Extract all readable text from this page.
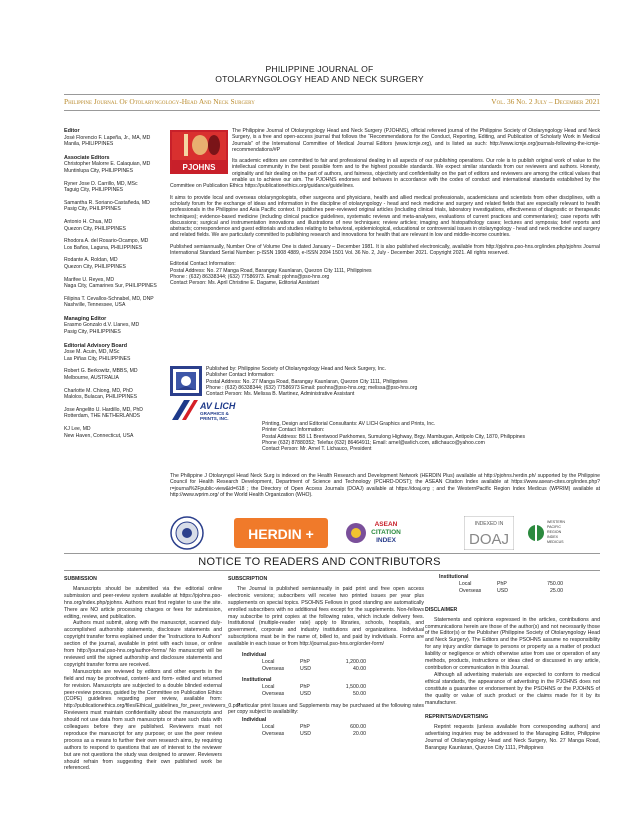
PHILIPPINE JOURNAL OF
OTOLARYNGOLOGY HEAD AND NECK SURGERY
Philippine Journal Of Otolaryngology-Head And Neck Surgery	Vol. 36 No. 2 July – December 2021
Editor
José Florencio F. Lapeña, Jr., MA, MD
Manila, PHILIPPINES
Associate Editors
Christopher Malorre E. Calaquian, MD
Muntinlupa City, PHILIPPINES
Ryner Jose D. Carrillo, MD, MSc
Taguig City, PHILIPPINES
Samantha R. Soriano-Castañeda, MD
Pasig City, PHILIPPINES
Antonio H. Chua, MD
Quezon City, PHILIPPINES
Rhodora A. del Rosario-Ocampo, MD
Los Baños, Laguna, PHILIPPINES
Rodante A. Roldan, MD
Quezon City, PHILIPPINES
Marifee U. Reyes, MD
Naga City, Camarines Sur, PHILIPPINES
Filipina T. Cevallos-Schnabel, MD, DNP
Nashville, Tennessee, USA
Managing Editor
Erasmo Gonzalo d.V. Llanes, MD
Pasig City, PHILIPPINES
Editorial Advisory Board
Jose M. Acuin, MD, MSc
Las Piñas City, PHILIPPINES
Robert G. Berkowitz, MBBS, MD
Melbourne, AUSTRALIA
Charlotte M. Chiong, MD, PhD
Malolos, Bulacan, PHILIPPINES
Jose Angelito U. Hardillo, MD, PhD
Rotterdam, THE NETHERLANDS
KJ Lee, MD
New Haven, Connecticut, USA

The Philippine Journal of Otolaryngology Head and Neck Surgery (PJOHNS), official refereed journal of the Philippine Society of Otolaryngology Head and Neck Surgery, is a free and open-access journal that follows the “Recommendations for the Conduct, Reporting, Editing, and Publication of Scholarly Work in Medical Journals” of the International Committee of Medical Journal Editors (www.icmje.org), and is listed as such: http://www.icmje.org/journals-following-the-icmje-recommendations/#P

Its academic editors are committed to fair and professional dealing in all aspects of our publishing operations. Our role is to publish original work of value to the intellectual community in the best possible form and to the highest possible standards. We expect similar standards from our reviewers and authors. Honesty, originality and fair dealing on the part of authors, and fairness, objectivity and confidentiality on the part of editors and reviewers are among the critical values that enable us to achieve our aim. The PJOHNS endorses and behaves in accordance with the codes of conduct and international standards established by the Committee on Publication Ethics https://publicationethics.org/guidance/guidelines.

It aims to provide local and overseas otolaryngologists, other surgeons and physicians, health and allied medical professionals, academicians and scientists from other disciplines, with a scholarly forum for the exchange of ideas and information in the discipline of otolaryngology - head and neck medicine and surgery and related fields that are especially relevant to health professionals in the Philippine and Asia Pacific context. It publishes peer-reviewed original articles (including clinical trials, laboratory investigations, effectiveness of diagnostic or therapeutic techniques); evidence-based medicine (including clinical practice guidelines, systematic reviews and meta-analyses, evaluations of current practices and commentaries); case reports with discussions; surgical and instrumentation innovations and illustrations of new techniques; review articles; imaging and histopathology cases; lectures and symposia; brief reports and abstracts; correspondence and guest editorials and studies relating to behavioral, epidemiological, educational or controversial issues in otolaryngology - head and neck medicine and surgery and related fields. We are particularly committed to publishing research and innovations for health that are relevant in low and middle-income countries.

Published semiannually, Number One of Volume One is dated January – December 1981. It is also published electronically, available from http://pjohns.pso-hns.org/index.php/pjohns Journal International Standard Serial Number: p-ISSN 1908 4889, e-ISSN 2094 1501 Vol. 36 No. 2, July - December 2021. Copyright 2021. All rights reserved.

Editorial Contact Information:
Postal Address: No. 27 Manga Road, Barangay Kaunlaran, Quezon City 1111, Philippines
Phone : (632) 86338344; (632) 77586973. Email: pjohns@pso-hns.org
Contact Person: Ms. April Christine E. Dagame, Editorial Assistant
PJOHNS
Published by: Philippine Society of Otolaryngology Head and Neck Surgery, Inc.
Publisher Contact Information:
Postal Address: No. 27 Manga Road, Barangay Kaunlaran, Quezon City 1111, Philippines
Phone : (632) 86338344; (632) 77586973 Email: psohns@pso-hns.org; melissa@pso-hns.org
Contact Person: Ms. Melissa B. Martinez, Administrative Assistant
AV LICH
GRAPHICS &
PRINTS, INC.
Printing, Design and Editorial Consultants: AV LICH Graphics and Prints, Inc.
Printer Contact Information:
Postal Address: B8 L1 Brentwood Parkhomes, Sumulong Highway, Brgy. Mambugan, Antipolo City, 1870, Philippines
Phone (632) 87880352; Telefax (632) 86464911; Email: arnel@avlich.com, atlichauco@yahoo.com
Contact Person: Mr. Arnel T. Lichauco, President
The Philippine J Otolaryngol Head Neck Surg is indexed on the Health Research and Development Network (HERDIN Plus) available at http://pjohns.herdin.ph/ supported by the Philippine Council for Health Research Development, Department of Science and Technology (PCHRD-DOST); the ASEAN Citation Index available at https://www.asean-cites.org/index.php?r=journal%2Fpublic-view&id=618 ; the Directory of Open Access Journals (DOAJ) available at https://doaj.org ; and the WesternPacific Region Index Medicus (WPRIM) available at http://www.wprim.org/ of the World Health Organization (WHO).
HERDIN +
ASEAN
CITATION
INDEX
INDEXED IN
DOAJ
WESTERN
PACIFIC
REGION
INDEX
MEDICUS
NOTICE TO READERS AND CONTRIBUTORS
SUBMISSION

Manuscripts should be submitted via the editorial online submission and peer-review system available at https://pjohns.pso-hns.org/index.php/pjohns. Authors must first register to use the site. There are NO article processing charges or fees for submission, editing, review, and publication.

Authors must submit, along with the manuscript, scanned duly-accomplished authorship statements, disclosure statements and copyright transfer forms explained under the “Instructions to Authors” section of the journal, available in print with each issue, or online from http://journal.pso-hns.org/author-forms/ No manuscript will be reviewed until the signed authorship and disclosure statements and copyright transfer forms are received.

Manuscripts are reviewed by editors and other experts in the field and may be proofread, content- and form- edited and returned for revision. Manuscripts are subjected to a double blinded external peer-review process, guided by the Committee on Publication Ethics (COPE) guidelines regarding peer review, available from: http://publicationethics.org/files/Ethical_guidelines_for_peer_reviewers_0.pdf Reviewers must maintain confidentiality about the manuscripts and should not use data from such manuscripts or share such data with colleagues before they are published. Reviewers must not reproduce the manuscript for any purpose; or use the peer review process as a means to further their own research aims, by requiring authors to respond to questions that are of interest to the reviewer but are not questions the study was designed to answer. Reviewers should refrain from suggesting their own published work be referenced.

SUBSCRIPTION

The Journal is published semiannually in paid print and free open access electronic versions; subscribers will receive two printed issues per year plus supplements on special topics. PSOHNS Fellows in good standing are automatically enrolled subscribers with no additional fees except for the supplements. Non-fellows may subscribe to print copies at the following rates, which include delivery fees. Institutional (multiple-reader rate) apply to libraries, schools, hospitals, and government, corporate and industry institutions and organizations. Individual subscriptions must be in the name of, billed to, and paid by individuals. Forms are available in each issue or from http://journal.pso-hns.org/order-form/

Individual
Local	PhP	1,200.00
Overseas	USD	40.00
Institutional
Local	PhP	1,500.00
Overseas	USD	50.00

Particular print Issues and Supplements may be purchased at the following rates per copy subject to availability:

Individual
Local	PhP	600.00
Overseas	USD	20.00
Institutional
Local	PhP	750.00
Overseas	USD	25.00
DISCLAIMER

Statements and opinions expressed in the articles, contributions and communications herein are those of the author(s) and not necessarily those of the Editor(s) or the Publisher (Philippine Society of Otolaryngology Head and Neck Surgery). The Editors and the PSOHNS assume no responsibility for any injury and/or damage to persons or property as a matter of product liability or negligence or which otherwise arise from use or operation of any methods, products, instructions or ideas cited or discussed in any article, contribution or communication in this Journal.

Although all advertising materials are expected to conform to medical ethical standards, the appearance of advertising in the PJOHNS does not constitute a guarantee or endorsement by the PSOHNS or the PJOHNS of the quality or value of such product or the claims made for it by its manufacturer.

REPRINTS/ADVERTISING

Reprint requests (unless available from corresponding authors) and advertising inquiries may be addressed to the Managing Editor, Philippine Journal of Otolaryngology Head and Neck Surgery, No. 27 Manga Road, Barangay Kaunlaran, Quezon City 1111, Philippines
